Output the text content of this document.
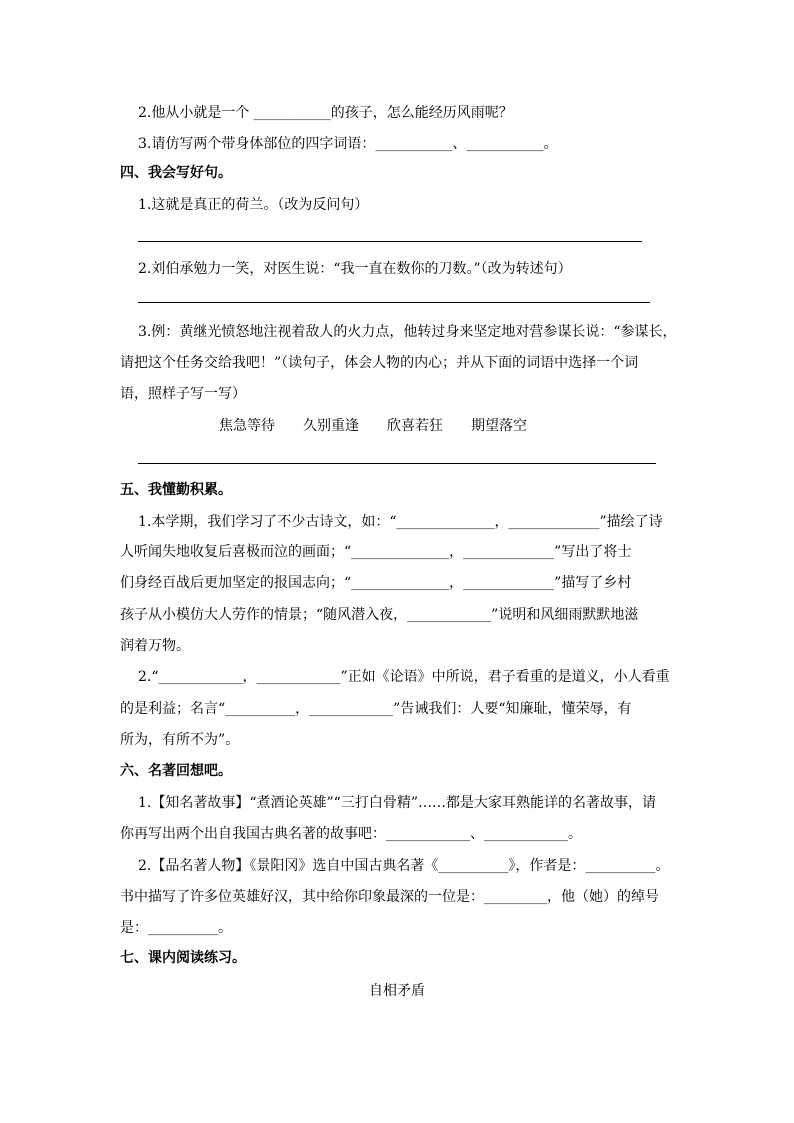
2.他从小就是一个 ___________的孩子，怎么能经历风雨呢？
3.请仿写两个带身体部位的四字词语：___________、___________。
四、我会写好句。
1.这就是真正的荷兰。（改为反问句）
2.刘伯承勉力一笑，对医生说：“我一直在数你的刀数。”（改为转述句）
3.例：黄继光愤怒地注视着敌人的火力点，他转过身来坚定地对营参谋长说：“参谋长，
请把这个任务交给我吧！”（读句子，体会人物的内心；并从下面的词语中选择一个词
语，照样子写一写）
焦急等待　　久别重逢　　欣喜若狂　　期望落空
五、我懂勤积累。
1.本学期，我们学习了不少古诗文，如：“______________，_____________”描绘了诗
人听闻失地收复后喜极而泣的画面；“______________，_____________”写出了将士
们身经百战后更加坚定的报国志向；“______________，_____________”描写了乡村
孩子从小模仿大人劳作的情景；“随风潜入夜，____________”说明和风细雨默默地滋
润着万物。
2.“____________，____________”正如《论语》中所说，君子看重的是道义，小人看重
的是利益；名言“__________，____________”告诫我们：人要“知廉耻，懂荣辱，有
所为，有所不为”。
六、名著回想吧。
1.【知名著故事】“煮酒论英雄”“三打白骨精”……都是大家耳熟能详的名著故事，请
你再写出两个出自我国古典名著的故事吧：____________、____________。
2.【品名著人物】《景阳冈》选自中国古典名著《__________》，作者是：__________。
书中描写了许多位英雄好汉，其中给你印象最深的一位是：_________，他（她）的绰号
是：__________。
七、课内阅读练习。
自相矛盾
